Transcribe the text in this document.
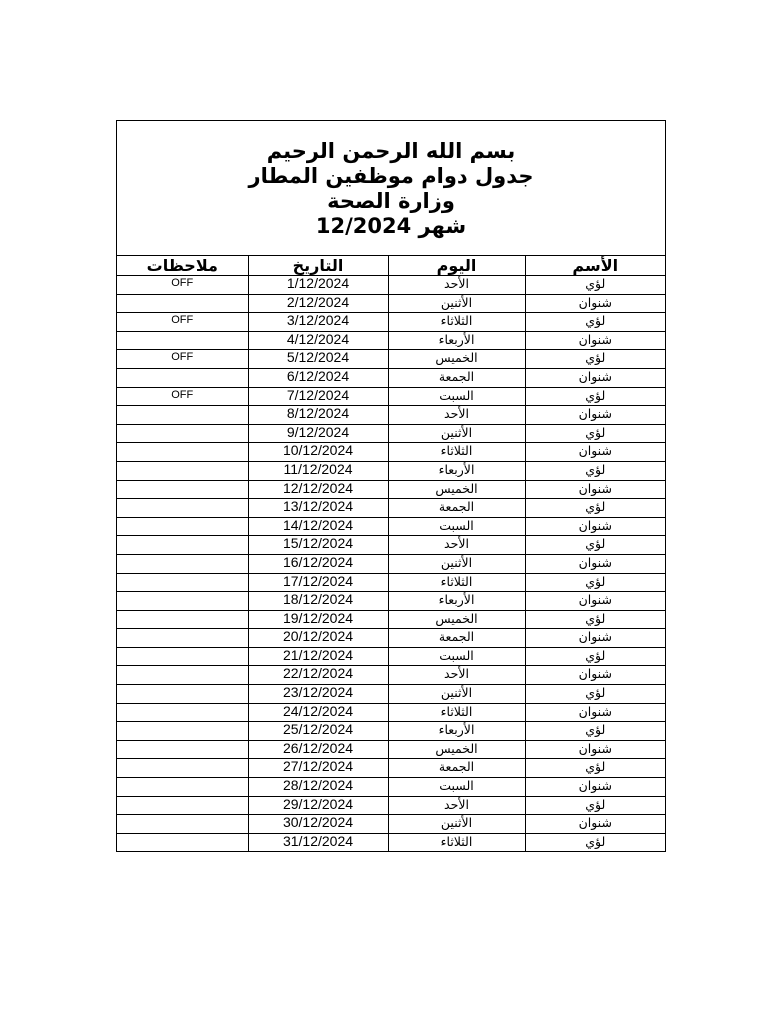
بسم الله الرحمن الرحيم
جدول دوام موظفين المطار
وزارة الصحة
شهر 12/2024
الأسم	اليوم	التاريخ	ملاحظات
لؤي	الأحد	1/12/2024	OFF
شنوان	الأثنين	2/12/2024	
لؤي	الثلاثاء	3/12/2024	OFF
شنوان	الأربعاء	4/12/2024	
لؤي	الخميس	5/12/2024	OFF
شنوان	الجمعة	6/12/2024	
لؤي	السبت	7/12/2024	OFF
شنوان	الأحد	8/12/2024	
لؤي	الأثنين	9/12/2024	
شنوان	الثلاثاء	10/12/2024	
لؤي	الأربعاء	11/12/2024	
شنوان	الخميس	12/12/2024	
لؤي	الجمعة	13/12/2024	
شنوان	السبت	14/12/2024	
لؤي	الأحد	15/12/2024	
شنوان	الأثنين	16/12/2024	
لؤي	الثلاثاء	17/12/2024	
شنوان	الأربعاء	18/12/2024	
لؤي	الخميس	19/12/2024	
شنوان	الجمعة	20/12/2024	
لؤي	السبت	21/12/2024	
شنوان	الأحد	22/12/2024	
لؤي	الأثنين	23/12/2024	
شنوان	الثلاثاء	24/12/2024	
لؤي	الأربعاء	25/12/2024	
شنوان	الخميس	26/12/2024	
لؤي	الجمعة	27/12/2024	
شنوان	السبت	28/12/2024	
لؤي	الأحد	29/12/2024	
شنوان	الأثنين	30/12/2024	
لؤي	الثلاثاء	31/12/2024	
